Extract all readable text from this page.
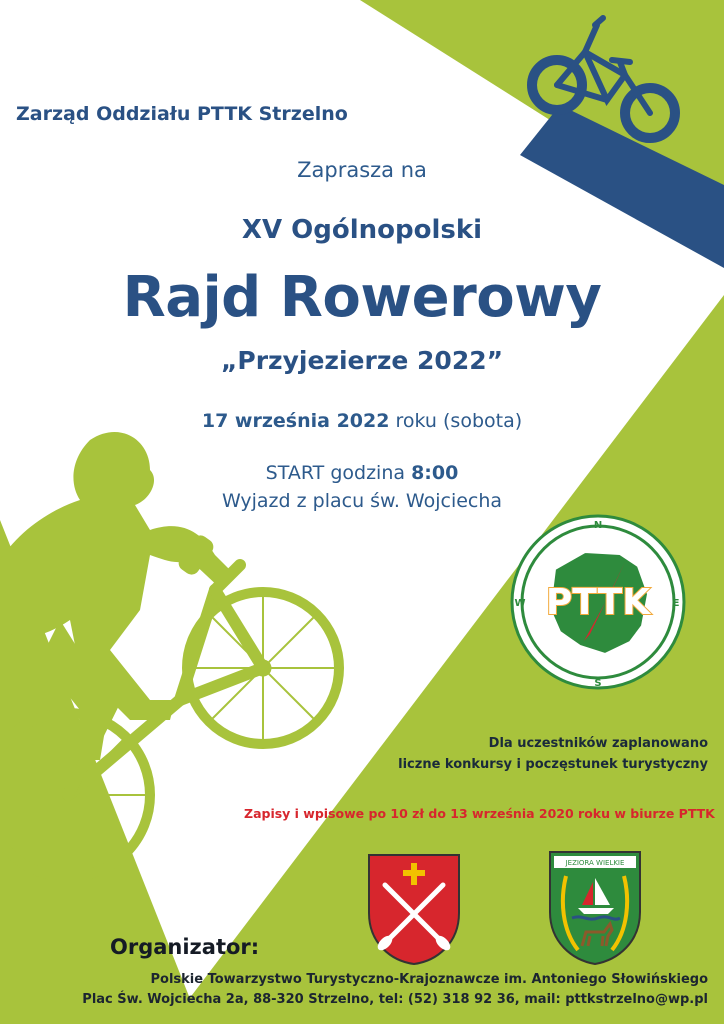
Zarząd Oddziału PTTK Strzelno
Zaprasza na
XV Ogólnopolski
Rajd Rowerowy
„Przyjezierze 2022”
17 września 2022 roku (sobota)
START godzina 8:00
Wyjazd z placu św. Wojciecha
N
E
S
W PTTK
Dla uczestników zaplanowano
liczne konkursy i poczęstunek turystyczny
Zapisy i wpisowe po 10 zł do 13 września 2020 roku w biurze PTTK
JEZIORA WIELKIE
Organizator:
Polskie Towarzystwo Turystyczno-Krajoznawcze im. Antoniego Słowińskiego
Plac Św. Wojciecha 2a, 88-320 Strzelno, tel: (52) 318 92 36, mail: pttkstrzelno@wp.pl
